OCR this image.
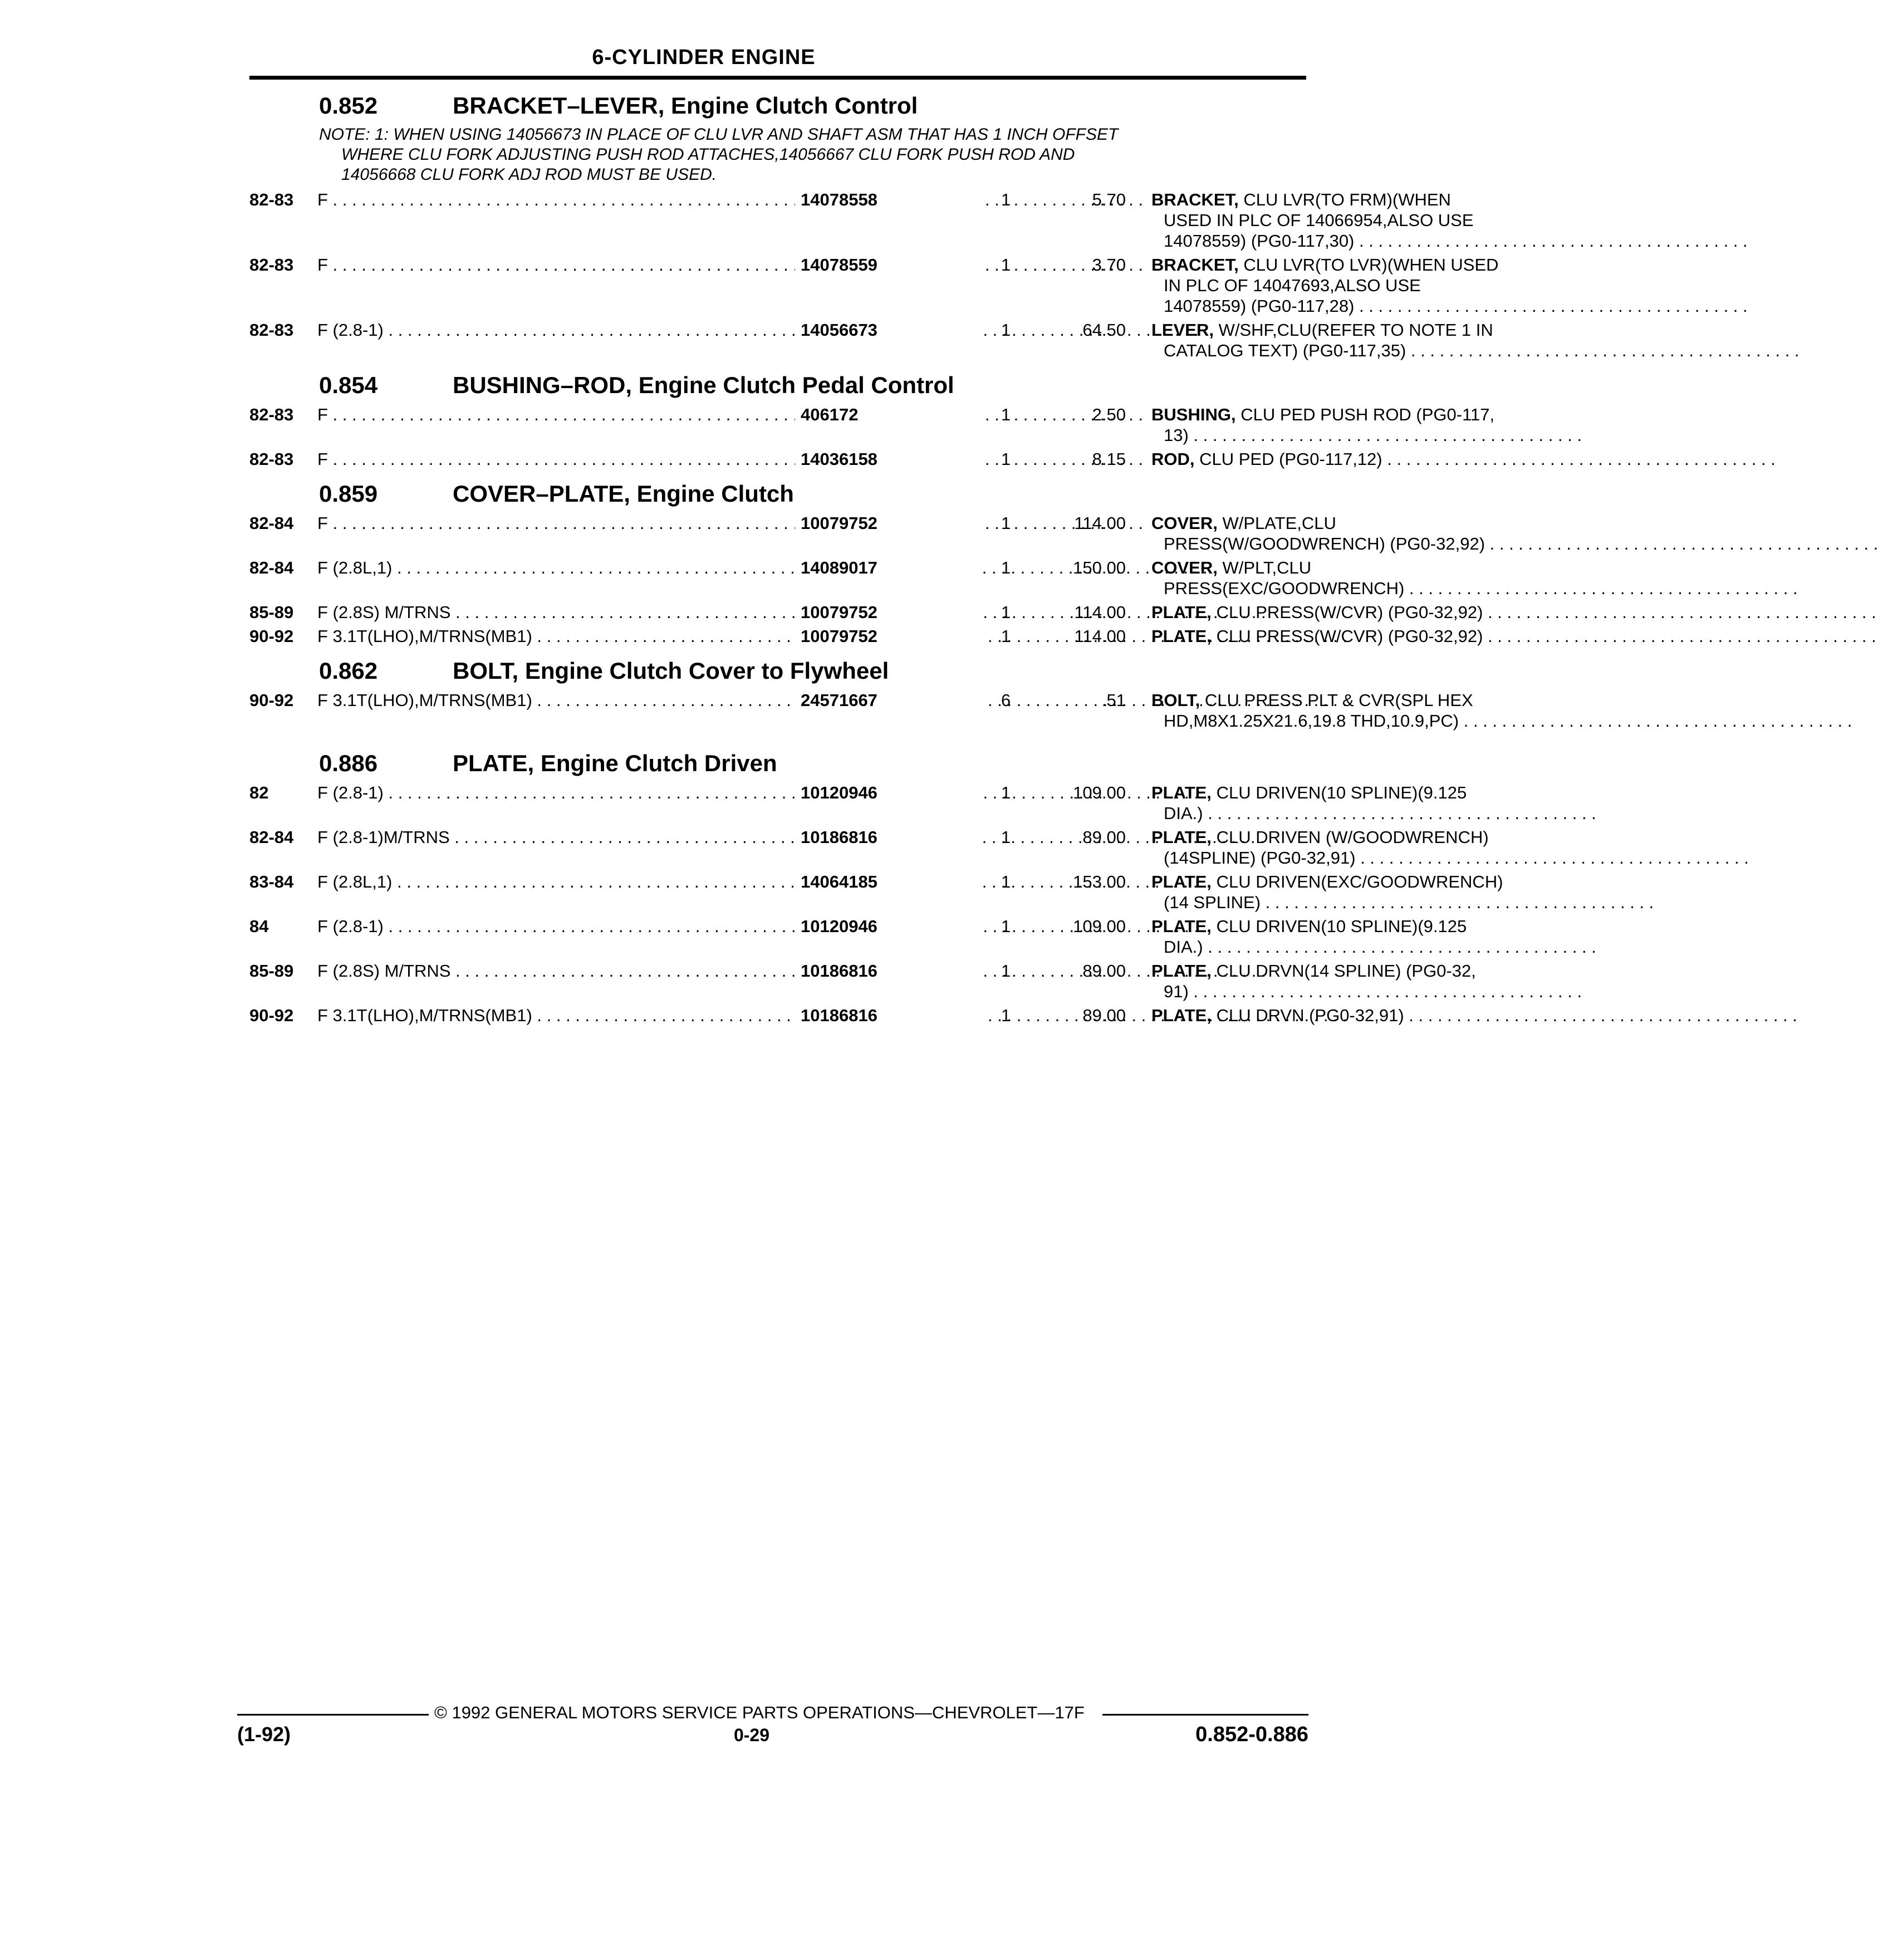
6-CYLINDER ENGINE
0.852	BRACKET–LEVER, Engine Clutch Control
NOTE: 1: WHEN USING 14056673 IN PLACE OF CLU LVR AND SHAFT ASM THAT HAS 1 INCH OFFSET
WHERE CLU FORK ADJUSTING PUSH ROD ATTACHES,14056667 CLU FORK PUSH ROD AND
14056668 CLU FORK ADJ ROD MUST BE USED.
82-83 F . . .	14078558	1	5.70 BRACKET, CLU LVR(TO FRM)(WHEN
USED IN PLC OF 14066954,ALSO USE
14078559) (PG0-117,30) . . .
82-83 F . . .	14078559	1	3.70 BRACKET, CLU LVR(TO LVR)(WHEN USED
IN PLC OF 14047693,ALSO USE
14078559) (PG0-117,28) . . .
82-83 F (2.8-1) . . .	14056673	1	64.50 LEVER, W/SHF,CLU(REFER TO NOTE 1 IN
CATALOG TEXT) (PG0-117,35) . . .
0.854	BUSHING–ROD, Engine Clutch Pedal Control
82-83 F . . .	406172	1	2.50 BUSHING, CLU PED PUSH ROD (PG0-117,
13) . . .
82-83 F . . .	14036158	1	8.15 ROD, CLU PED (PG0-117,12) . . .
0.859	COVER–PLATE, Engine Clutch
82-84 F . . .	10079752	1	114.00 COVER, W/PLATE,CLU
PRESS(W/GOODWRENCH) (PG0-32,92) . . .
82-84 F (2.8L,1) . . .	14089017	1	150.00 COVER, W/PLT,CLU
PRESS(EXC/GOODWRENCH) . . .
85-89 F (2.8S) M/TRNS . . .	10079752	1	114.00 PLATE, CLU PRESS(W/CVR) (PG0-32,92) . . .
90-92 F 3.1T(LHO),M/TRNS(MB1) . . .	10079752	1	114.00 PLATE, CLU PRESS(W/CVR) (PG0-32,92) . . .
0.862	BOLT, Engine Clutch Cover to Flywheel
90-92 F 3.1T(LHO),M/TRNS(MB1) . . .	24571667	6	.51 BOLT, CLU PRESS PLT & CVR(SPL HEX
HD,M8X1.25X21.6,19.8 THD,10.9,PC) . . .
0.886	PLATE, Engine Clutch Driven
82	F (2.8-1) . . .	10120946	1	109.00 PLATE, CLU DRIVEN(10 SPLINE)(9.125
DIA.) . . .
82-84 F (2.8-1)M/TRNS . . .	10186816	1	89.00 PLATE, CLU DRIVEN (W/GOODWRENCH)
(14SPLINE) (PG0-32,91) . . .
83-84 F (2.8L,1) . . .	14064185	1	153.00 PLATE, CLU DRIVEN(EXC/GOODWRENCH)
(14 SPLINE) . . .
84	F (2.8-1) . . .	10120946	1	109.00 PLATE, CLU DRIVEN(10 SPLINE)(9.125
DIA.) . . .
85-89 F (2.8S) M/TRNS . . .	10186816	1	89.00 PLATE, CLU DRVN(14 SPLINE) (PG0-32,
91) . . .
90-92 F 3.1T(LHO),M/TRNS(MB1) . . .	10186816	1	89.00 PLATE, CLU DRVN (PG0-32,91) . . .
© 1992 GENERAL MOTORS SERVICE PARTS OPERATIONS—CHEVROLET—17F
(1-92)	0-29	0.852-0.886
